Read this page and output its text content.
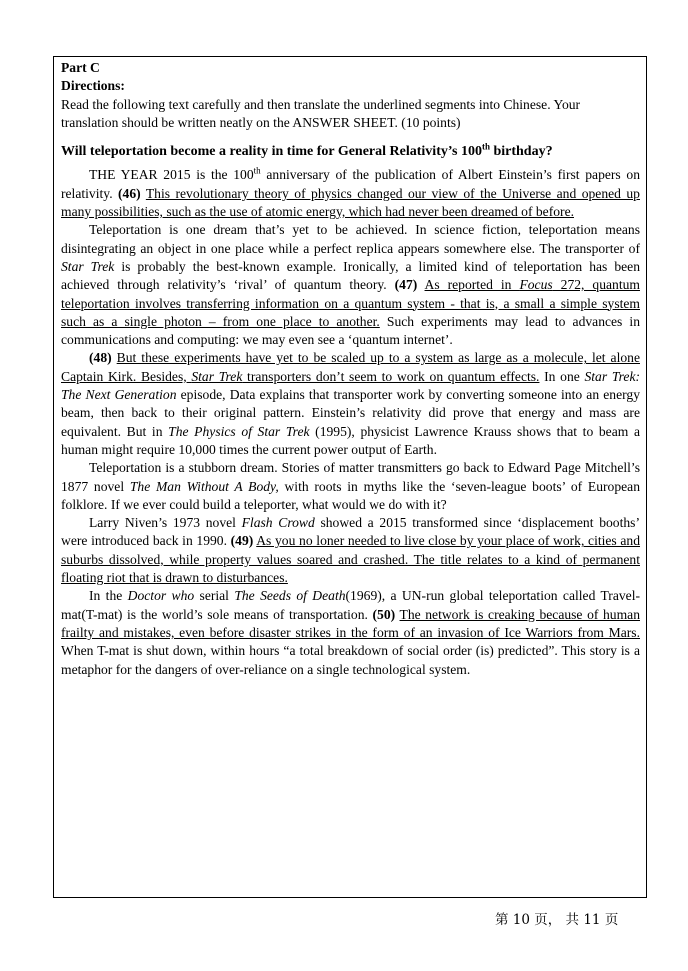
Part C
Directions:
Read the following text carefully and then translate the underlined segments into Chinese. Your translation should be written neatly on the ANSWER SHEET. (10 points)
Will teleportation become a reality in time for General Relativity’s 100th birthday?

THE YEAR 2015 is the 100th anniversary of the publication of Albert Einstein’s first papers on relativity. (46) This revolutionary theory of physics changed our view of the Universe and opened up many possibilities, such as the use of atomic energy, which had never been dreamed of before.

Teleportation is one dream that’s yet to be achieved. In science fiction, teleportation means disintegrating an object in one place while a perfect replica appears somewhere else. The transporter of Star Trek is probably the best-known example. Ironically, a limited kind of teleportation has been achieved through relativity’s ‘rival’ of quantum theory. (47) As reported in Focus 272, quantum teleportation involves transferring information on a quantum system - that is, a small a simple system such as a single photon – from one place to another. Such experiments may lead to advances in communications and computing: we may even see a ‘quantum internet’.

(48) But these experiments have yet to be scaled up to a system as large as a molecule, let alone Captain Kirk. Besides, Star Trek transporters don’t seem to work on quantum effects. In one Star Trek: The Next Generation episode, Data explains that transporter work by converting someone into an energy beam, then back to their original pattern. Einstein’s relativity did prove that energy and mass are equivalent. But in The Physics of Star Trek (1995), physicist Lawrence Krauss shows that to beam a human might require 10,000 times the current power output of Earth.

Teleportation is a stubborn dream. Stories of matter transmitters go back to Edward Page Mitchell’s 1877 novel The Man Without A Body, with roots in myths like the ‘seven-league boots’ of European folklore. If we ever could build a teleporter, what would we do with it?

Larry Niven’s 1973 novel Flash Crowd showed a 2015 transformed since ‘displacement booths’ were introduced back in 1990. (49) As you no loner needed to live close by your place of work, cities and suburbs dissolved, while property values soared and crashed. The title relates to a kind of permanent floating riot that is drawn to disturbances.

In the Doctor who serial The Seeds of Death(1969), a UN-run global teleportation called Travel-mat(T-mat) is the world’s sole means of transportation. (50) The network is creaking because of human frailty and mistakes, even before disaster strikes in the form of an invasion of Ice Warriors from Mars. When T-mat is shut down, within hours “a total breakdown of social order (is) predicted”. This story is a metaphor for the dangers of over-reliance on a single technological system.

第 10 页， 共 11 页
